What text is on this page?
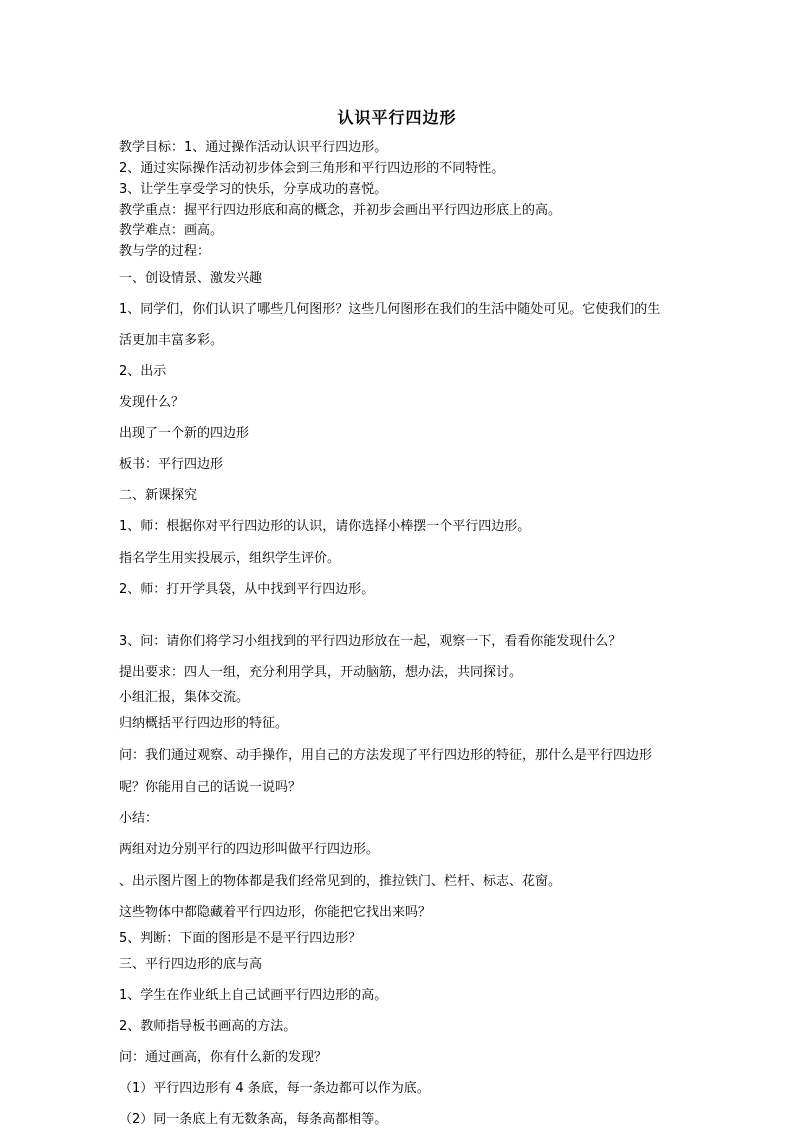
认识平行四边形
教学目标：1、通过操作活动认识平行四边形。
2、通过实际操作活动初步体会到三角形和平行四边形的不同特性。
3、让学生享受学习的快乐，分享成功的喜悦。
教学重点：握平行四边形底和高的概念，并初步会画出平行四边形底上的高。
教学难点：画高。
教与学的过程：
一、创设情景、激发兴趣
1、同学们，你们认识了哪些几何图形？这些几何图形在我们的生活中随处可见。它使我们的生
活更加丰富多彩。
2、出示
发现什么？
出现了一个新的四边形
板书：平行四边形
二、新课探究
1、师：根据你对平行四边形的认识，请你选择小棒摆一个平行四边形。
指名学生用实投展示，组织学生评价。
2、师：打开学具袋，从中找到平行四边形。
3、问：请你们将学习小组找到的平行四边形放在一起，观察一下，看看你能发现什么？
提出要求：四人一组，充分利用学具，开动脑筋，想办法，共同探讨。
小组汇报，集体交流。
归纳概括平行四边形的特征。
问：我们通过观察、动手操作，用自己的方法发现了平行四边形的特征，那什么是平行四边形
呢？你能用自己的话说一说吗？
小结：
两组对边分别平行的四边形叫做平行四边形。
、出示图片图上的物体都是我们经常见到的，推拉铁门、栏杆、标志、花窗。
这些物体中都隐藏着平行四边形，你能把它找出来吗？
5、判断：下面的图形是不是平行四边形？
三、平行四边形的底与高
1、学生在作业纸上自己试画平行四边形的高。
2、教师指导板书画高的方法。
问：通过画高，你有什么新的发现？
（1）平行四边形有 4 条底，每一条边都可以作为底。
（2）同一条底上有无数条高，每条高都相等。
